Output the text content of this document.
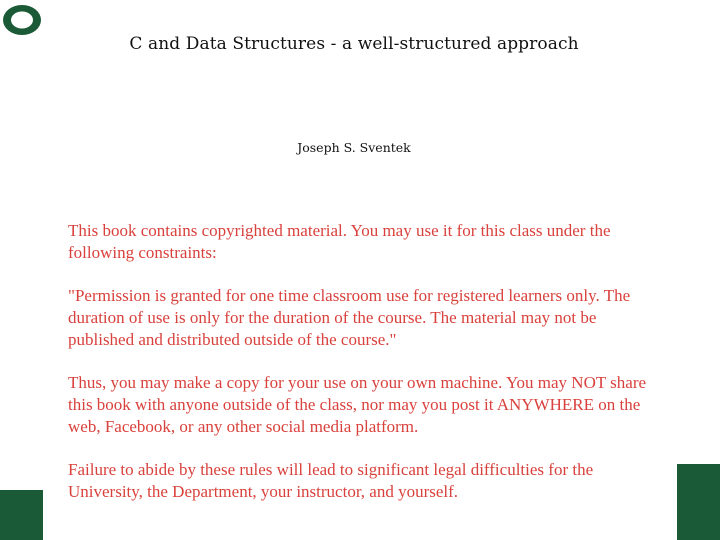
C and Data Structures - a well-structured approach
Joseph S. Sventek

This book contains copyrighted material. You may use it for this class under the following constraints:

"Permission is granted for one time classroom use for registered learners only. The duration of use is only for the duration of the course. The material may not be published and distributed outside of the course."

Thus, you may make a copy for your use on your own machine. You may NOT share this book with anyone outside of the class, nor may you post it ANYWHERE on the web, Facebook, or any other social media platform.

Failure to abide by these rules will lead to significant legal difficulties for the University, the Department, your instructor, and yourself.
